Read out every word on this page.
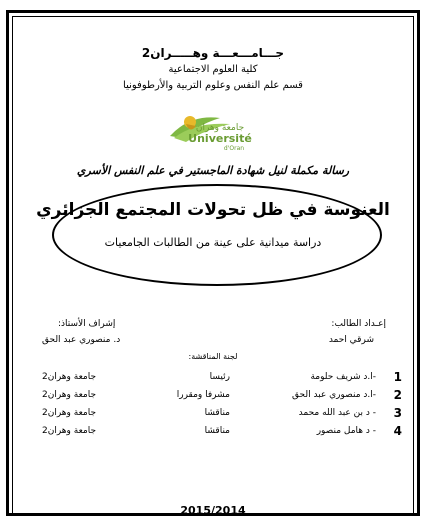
جـــامـــعـــة وهـــــران2
كلية العلوم الاجتماعية
قسم علم النفس وعلوم التربية والأرطوفونيا
جامعة وهران
Université
d'Oran
رسالة مكملة لنيل شهادة الماجستير في علم النفس الأسري
العنوسة في ظل تحولات المجتمع الجزائري
دراسة ميدانية على عينة من الطالبات الجامعيات
إعـداد الطالب:
إشراف الأستاذ:
شرقي احمد
د. منصوري عبد الحق
لجنة المناقشة:
1
-ا.د شريف حلومة
رئيسا
جامعة وهران2
2
-ا.د منصوري عبد الحق
مشرفا ومقررا
جامعة وهران2
3
- د بن عبد الله محمد
مناقشا
جامعة وهران2
4
- د هامل منصور
مناقشا
جامعة وهران2
2015/2014
